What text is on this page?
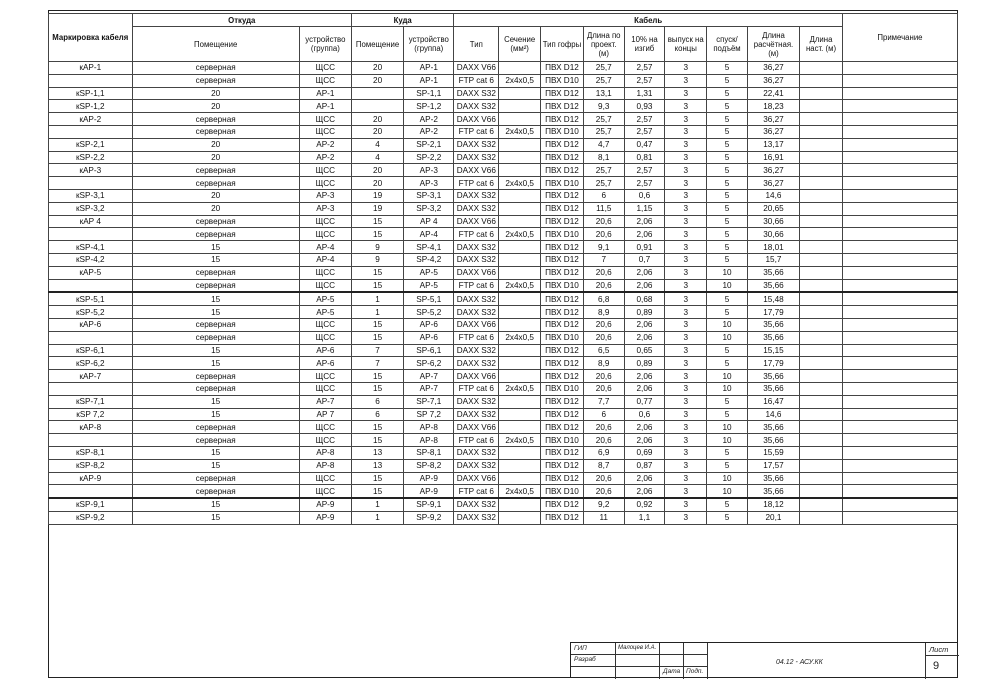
Маркировка кабеля	Откуда		Куда		Кабель									Примечание
	Помещение	устройство (группа)	Помещение	устройство (группа)	Тип	Сечение (мм²)	Тип гофры	Длина по проект. (м)	10% на изгиб	выпуск на концы	спуск/подъём	Длина расчётная. (м)	Длина наст. (м)	
кАР-1	серверная	ЩСС	20	AP-1	DAXX V66		ПВХ D12	25,7	2,57	3	5	36,27		
	серверная	ЩСС	20	AP-1	FTP cat 6	2х4х0,5	ПВХ D10	25,7	2,57	3	5	36,27		
кSP-1,1	20	AP-1		SP-1,1	DAXX S32		ПВХ D12	13,1	1,31	3	5	22,41		
кSP-1,2	20	AP-1		SP-1,2	DAXX S32		ПВХ D12	9,3	0,93	3	5	18,23		
кАР-2	серверная	ЩСС	20	AP-2	DAXX V66		ПВХ D12	25,7	2,57	3	5	36,27		
	серверная	ЩСС	20	AP-2	FTP cat 6	2х4х0,5	ПВХ D10	25,7	2,57	3	5	36,27		
кSP-2,1	20	AP-2	4	SP-2,1	DAXX S32		ПВХ D12	4,7	0,47	3	5	13,17		
кSP-2,2	20	AP-2	4	SP-2,2	DAXX S32		ПВХ D12	8,1	0,81	3	5	16,91		
кАР-3	серверная	ЩСС	20	AP-3	DAXX V66		ПВХ D12	25,7	2,57	3	5	36,27		
	серверная	ЩСС	20	AP-3	FTP cat 6	2х4х0,5	ПВХ D10	25,7	2,57	3	5	36,27		
кSP-3,1	20	AP-3	19	SP-3,1	DAXX S32		ПВХ D12	6	0,6	3	5	14,6		
кSP-3,2	20	AP-3	19	SP-3,2	DAXX S32		ПВХ D12	11,5	1,15	3	5	20,65		
кАР 4	серверная	ЩСС	15	AP 4	DAXX V66		ПВХ D12	20,6	2,06	3	5	30,66		
	серверная	ЩСС	15	AP-4	FTP cat 6	2х4х0,5	ПВХ D10	20,6	2,06	3	5	30,66		
кSP-4,1	15	AP-4	9	SP-4,1	DAXX S32		ПВХ D12	9,1	0,91	3	5	18,01		
кSP-4,2	15	AP-4	9	SP-4,2	DAXX S32		ПВХ D12	7	0,7	3	5	15,7		
кАР-5	серверная	ЩСС	15	AP-5	DAXX V66		ПВХ D12	20,6	2,06	3	10	35,66		
	серверная	ЩСС	15	AP-5	FTP cat 6	2х4х0,5	ПВХ D10	20,6	2,06	3	10	35,66		
кSP-5,1	15	AP-5	1	SP-5,1	DAXX S32		ПВХ D12	6,8	0,68	3	5	15,48		
кSP-5,2	15	AP-5	1	SP-5,2	DAXX S32		ПВХ D12	8,9	0,89	3	5	17,79		
кАР-6	серверная	ЩСС	15	AP-6	DAXX V66		ПВХ D12	20,6	2,06	3	10	35,66		
	серверная	ЩСС	15	AP-6	FTP cat 6	2х4х0,5	ПВХ D10	20,6	2,06	3	10	35,66		
кSP-6,1	15	AP-6	7	SP-6,1	DAXX S32		ПВХ D12	6,5	0,65	3	5	15,15		
кSP-6,2	15	AP-6	7	SP-6,2	DAXX S32		ПВХ D12	8,9	0,89	3	5	17,79		
кАР-7	серверная	ЩСС	15	AP-7	DAXX V66		ПВХ D12	20,6	2,06	3	10	35,66		
	серверная	ЩСС	15	AP-7	FTP cat 6	2х4х0,5	ПВХ D10	20,6	2,06	3	10	35,66		
кSP-7,1	15	AP-7	6	SP-7,1	DAXX S32		ПВХ D12	7,7	0,77	3	5	16,47		
кSP 7,2	15	AP 7	6	SP 7,2	DAXX S32		ПВХ D12	6	0,6	3	5	14,6		
кАР-8	серверная	ЩСС	15	AP-8	DAXX V66		ПВХ D12	20,6	2,06	3	10	35,66		
	серверная	ЩСС	15	AP-8	FTP cat 6	2х4х0,5	ПВХ D10	20,6	2,06	3	10	35,66		
кSP-8,1	15	AP-8	13	SP-8,1	DAXX S32		ПВХ D12	6,9	0,69	3	5	15,59		
кSP-8,2	15	AP-8	13	SP-8,2	DAXX S32		ПВХ D12	8,7	0,87	3	5	17,57		
кАР-9	серверная	ЩСС	15	AP-9	DAXX V66		ПВХ D12	20,6	2,06	3	10	35,66		
	серверная	ЩСС	15	AP-9	FTP cat 6	2х4х0,5	ПВХ D10	20,6	2,06	3	10	35,66		
кSP-9,1	15	AP-9	1	SP-9,1	DAXX S32		ПВХ D12	9,2	0,92	3	5	18,12		
кSP-9,2	15	AP-9	1	SP-9,2	DAXX S32		ПВХ D12	11	1,1	3	5	20,1		
ГИП	Малоцев И.А.
Разраб
Дата Подп.
04.12 - АСУ.КК
Лист
9
